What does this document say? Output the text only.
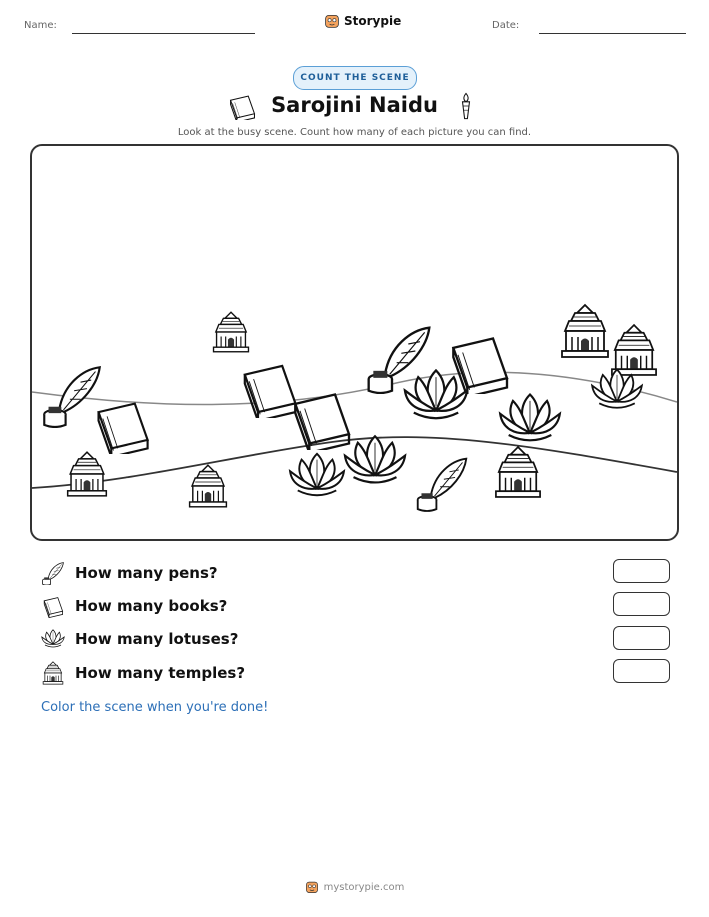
Name:	Storypie	Date:
COUNT THE SCENE
Sarojini Naidu
Look at the busy scene. Count how many of each picture you can find.
How many pens?
How many books?
How many lotuses?
How many temples?
Color the scene when you're done!
mystorypie.com
